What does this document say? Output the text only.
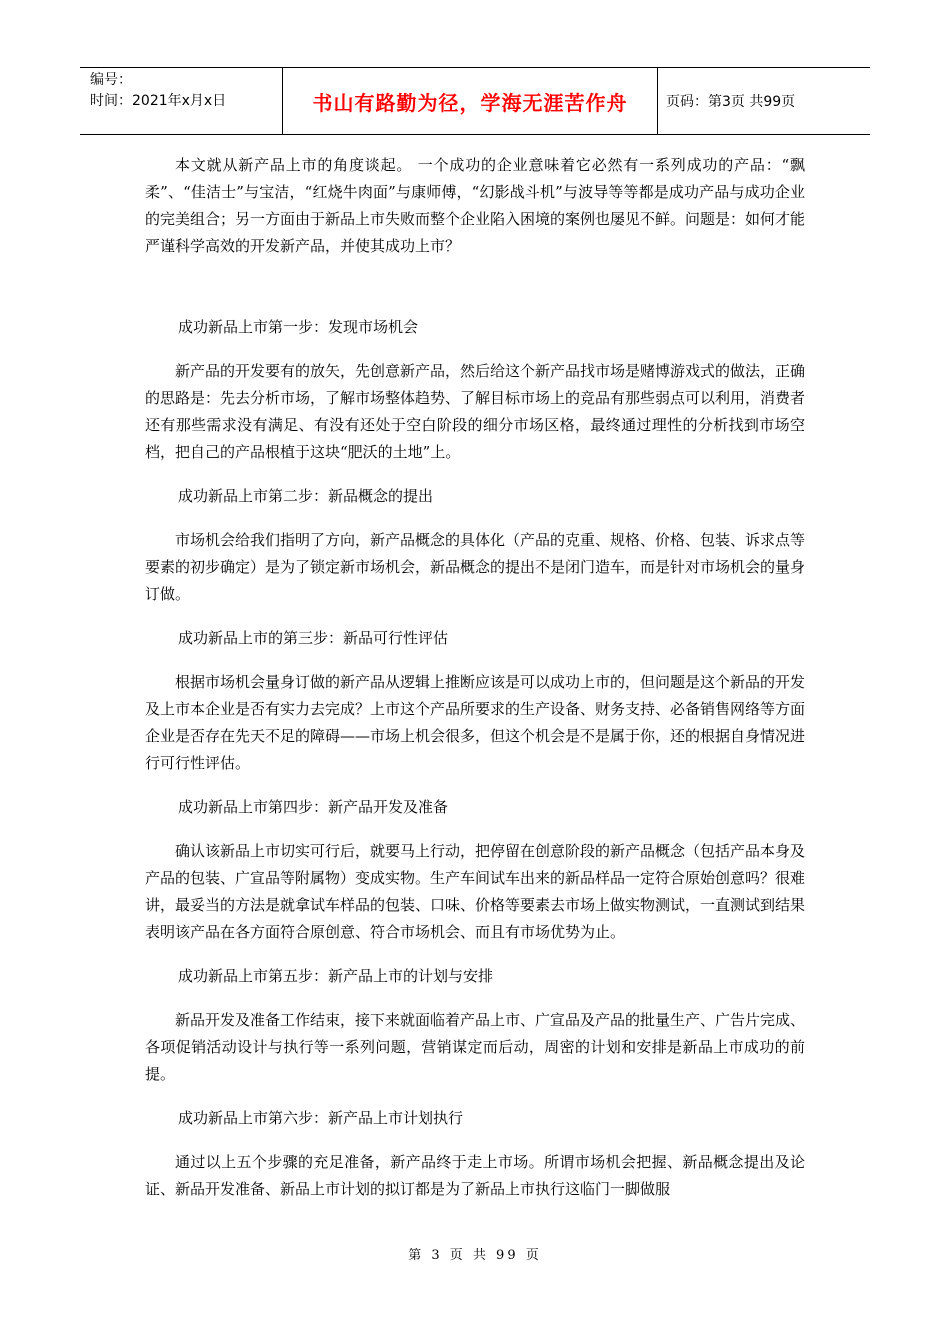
编号：
时间：2021年x月x日	书山有路勤为径，学海无涯苦作舟	页码：第3页 共99页

本文就从新产品上市的角度谈起。 一个成功的企业意味着它必然有一系列成功的产品：“飘柔”、“佳洁士”与宝洁，“红烧牛肉面”与康师傅，“幻影战斗机”与波导等等都是成功产品与成功企业的完美组合；另一方面由于新品上市失败而整个企业陷入困境的案例也屡见不鲜。问题是：如何才能严谨科学高效的开发新产品，并使其成功上市？

成功新品上市第一步：发现市场机会

新产品的开发要有的放矢，先创意新产品，然后给这个新产品找市场是赌博游戏式的做法，正确的思路是：先去分析市场，了解市场整体趋势、了解目标市场上的竞品有那些弱点可以利用，消费者还有那些需求没有满足、有没有还处于空白阶段的细分市场区格，最终通过理性的分析找到市场空档，把自己的产品根植于这块“肥沃的土地”上。

成功新品上市第二步：新品概念的提出

市场机会给我们指明了方向，新产品概念的具体化（产品的克重、规格、价格、包装、诉求点等要素的初步确定）是为了锁定新市场机会，新品概念的提出不是闭门造车，而是针对市场机会的量身订做。

成功新品上市的第三步：新品可行性评估

根据市场机会量身订做的新产品从逻辑上推断应该是可以成功上市的，但问题是这个新品的开发及上市本企业是否有实力去完成？上市这个产品所要求的生产设备、财务支持、必备销售网络等方面企业是否存在先天不足的障碍——市场上机会很多，但这个机会是不是属于你，还的根据自身情况进行可行性评估。

成功新品上市第四步：新产品开发及准备

确认该新品上市切实可行后，就要马上行动，把停留在创意阶段的新产品概念（包括产品本身及产品的包装、广宣品等附属物）变成实物。生产车间试车出来的新品样品一定符合原始创意吗？很难讲，最妥当的方法是就拿试车样品的包装、口味、价格等要素去市场上做实物测试，一直测试到结果表明该产品在各方面符合原创意、符合市场机会、而且有市场优势为止。

成功新品上市第五步：新产品上市的计划与安排

新品开发及准备工作结束，接下来就面临着产品上市、广宣品及产品的批量生产、广告片完成、各项促销活动设计与执行等一系列问题，营销谋定而后动，周密的计划和安排是新品上市成功的前提。

成功新品上市第六步：新产品上市计划执行

通过以上五个步骤的充足准备，新产品终于走上市场。所谓市场机会把握、新品概念提出及论证、新品开发准备、新品上市计划的拟订都是为了新品上市执行这临门一脚做服

第 3 页 共 99 页
